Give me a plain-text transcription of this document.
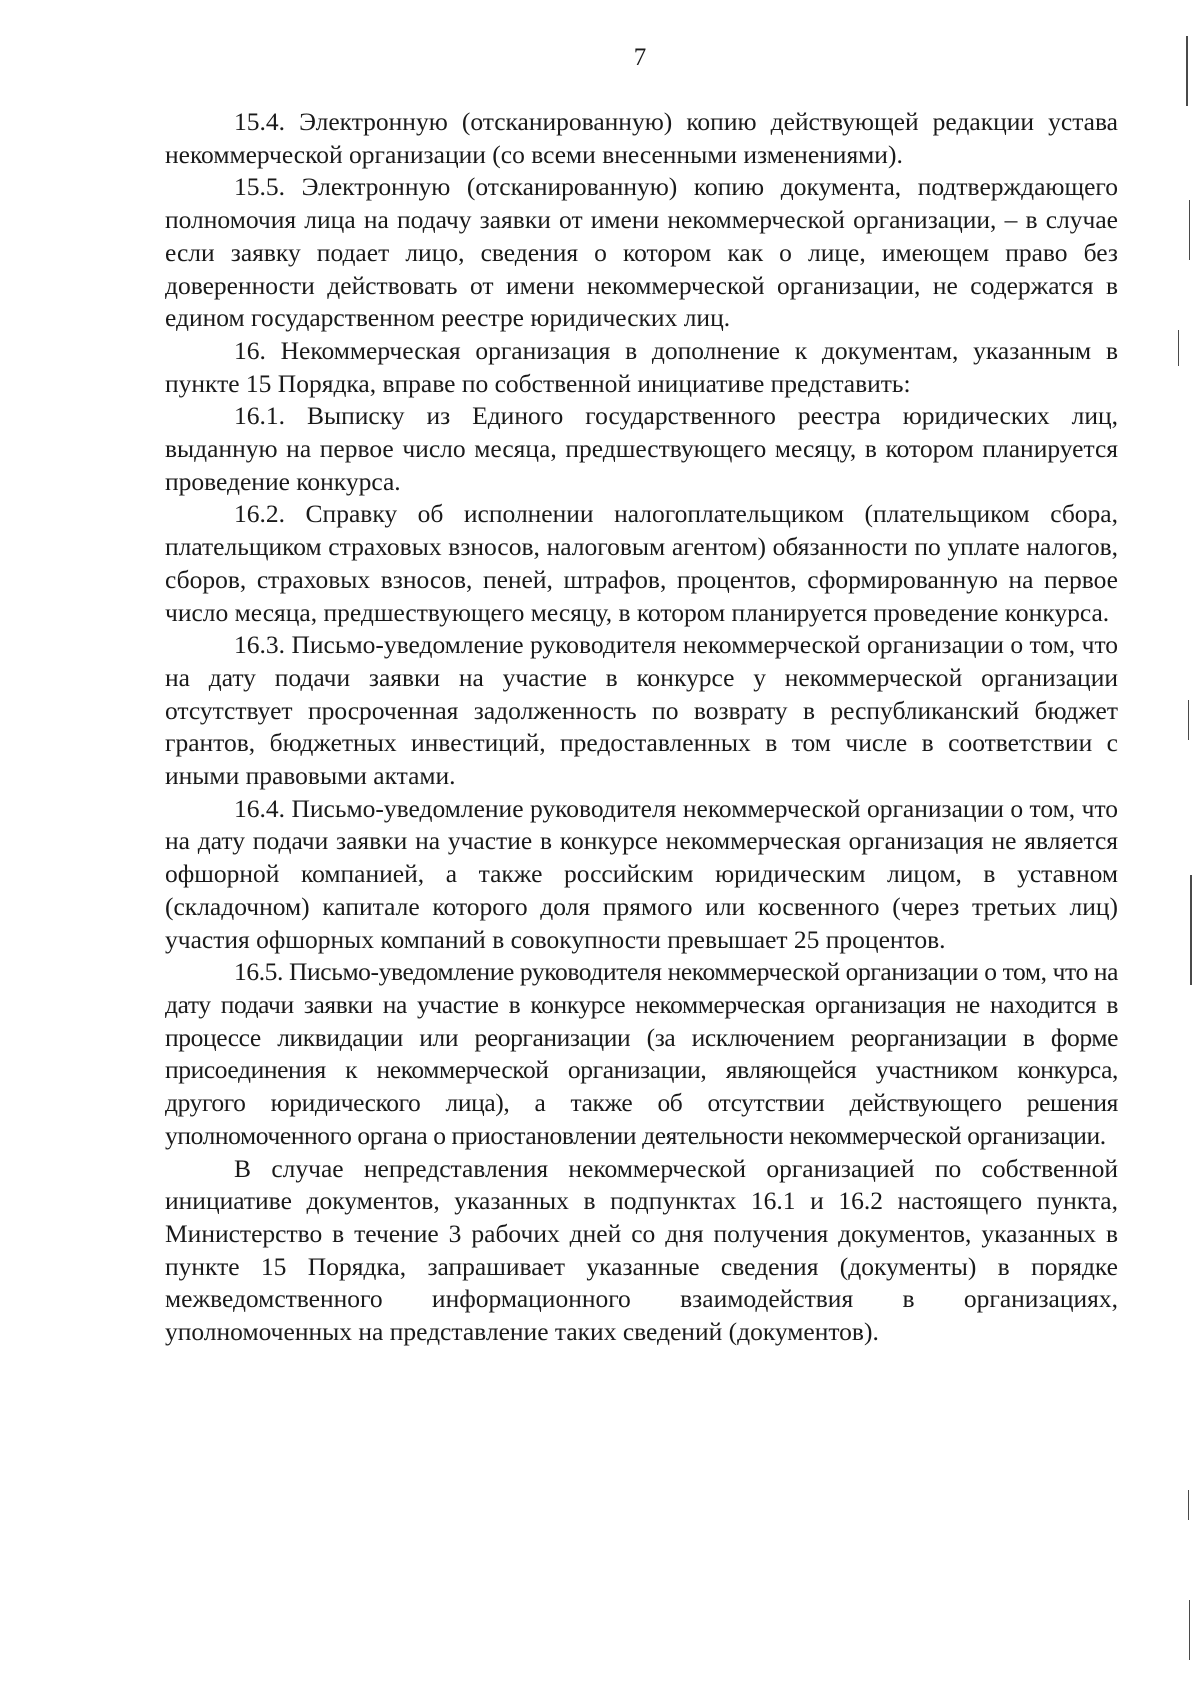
7

15.4. Электронную (отсканированную) копию действующей редакции устава некоммерческой организации (со всеми внесенными изменениями).

15.5. Электронную (отсканированную) копию документа, подтверждающего полномочия лица на подачу заявки от имени некоммерческой организации, – в случае если заявку подает лицо, сведения о котором как о лице, имеющем право без доверенности действовать от имени некоммерческой организации, не содержатся в едином государственном реестре юридических лиц.

16. Некоммерческая организация в дополнение к документам, указанным в пункте 15 Порядка, вправе по собственной инициативе представить:

16.1. Выписку из Единого государственного реестра юридических лиц, выданную на первое число месяца, предшествующего месяцу, в котором планируется проведение конкурса.

16.2. Справку об исполнении налогоплательщиком (плательщиком сбора, плательщиком страховых взносов, налоговым агентом) обязанности по уплате налогов, сборов, страховых взносов, пеней, штрафов, процентов, сформированную на первое число месяца, предшествующего месяцу, в котором планируется проведение конкурса.

16.3. Письмо-уведомление руководителя некоммерческой организации о том, что на дату подачи заявки на участие в конкурсе у некоммерческой организации отсутствует просроченная задолженность по возврату в республиканский бюджет грантов, бюджетных инвестиций, предоставленных в том числе в соответствии с иными правовыми актами.

16.4. Письмо-уведомление руководителя некоммерческой организации о том, что на дату подачи заявки на участие в конкурсе некоммерческая организация не является офшорной компанией, а также российским юридическим лицом, в уставном (складочном) капитале которого доля прямого или косвенного (через третьих лиц) участия офшорных компаний в совокупности превышает 25 процентов.

16.5. Письмо-уведомление руководителя некоммерческой организации о том, что на дату подачи заявки на участие в конкурсе некоммерческая организация не находится в процессе ликвидации или реорганизации (за исключением реорганизации в форме присоединения к некоммерческой организации, являющейся участником конкурса, другого юридического лица), а также об отсутствии действующего решения уполномоченного органа о приостановлении деятельности некоммерческой организации.

В случае непредставления некоммерческой организацией по собственной инициативе документов, указанных в подпунктах 16.1 и 16.2 настоящего пункта, Министерство в течение 3 рабочих дней со дня получения документов, указанных в пункте 15 Порядка, запрашивает указанные сведения (документы) в порядке межведомственного информационного взаимодействия в организациях, уполномоченных на представление таких сведений (документов).
